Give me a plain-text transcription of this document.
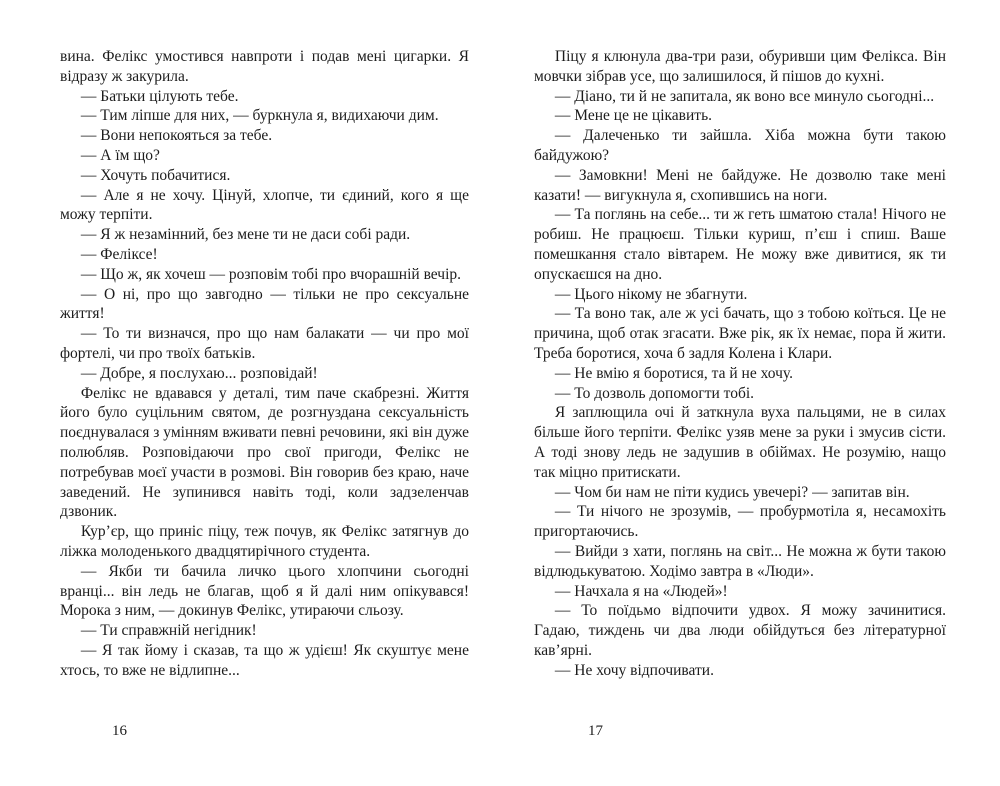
вина. Фелікс умостився навпроти і подав мені цигарки. Я відразу ж закурила.

— Батьки цілують тебе.

— Тим ліпше для них, — буркнула я, видихаючи дим.

— Вони непокояться за тебе.

— А їм що?

— Хочуть побачитися.

— Але я не хочу. Цінуй, хлопче, ти єдиний, кого я ще можу терпіти.

— Я ж незамінний, без мене ти не даси собі ради.

— Феліксе!

— Що ж, як хочеш — розповім тобі про вчорашній вечір.

— О ні, про що завгодно — тільки не про сексуальне життя!

— То ти визначся, про що нам балакати — чи про мої фортелі, чи про твоїх батьків.

— Добре, я послухаю... розповідай!

Фелікс не вдавався у деталі, тим паче скабрезні. Життя його було суцільним святом, де розгнуздана сексуальність поєднувалася з умінням вживати певні речовини, які він дуже полюбляв. Розповідаючи про свої пригоди, Фелікс не потребував моєї участи в розмові. Він говорив без краю, наче заведений. Не зупинився навіть тоді, коли задзеленчав дзвоник.

Кур’єр, що приніс піцу, теж почув, як Фелікс затягнув до ліжка молоденького двадцятирічного студента.

— Якби ти бачила личко цього хлопчини сьогодні вранці... він ледь не благав, щоб я й далі ним опікувався! Морока з ним, — докинув Фелікс, утираючи сльозу.

— Ти справжній негідник!

— Я так йому і сказав, та що ж удієш! Як скуштує мене хтось, то вже не відлипне...

Піцу я клюнула два-три рази, обуривши цим Фелікса. Він мовчки зібрав усе, що залишилося, й пішов до кухні.

— Діано, ти й не запитала, як воно все минуло сьогодні...

— Мене це не цікавить.

— Далеченько ти зайшла. Хіба можна бути такою байдужою?

— Замовкни! Мені не байдуже. Не дозволю таке мені казати! — вигукнула я, схопившись на ноги.

— Та поглянь на себе... ти ж геть шматою стала! Нічого не робиш. Не працюєш. Тільки куриш, п’єш і спиш. Ваше помешкання стало вівтарем. Не можу вже дивитися, як ти опускаєшся на дно.

— Цього нікому не збагнути.

— Та воно так, але ж усі бачать, що з тобою коїться. Це не причина, щоб отак згасати. Вже рік, як їх немає, пора й жити. Треба боротися, хоча б задля Колена і Клари.

— Не вмію я боротися, та й не хочу.

— То дозволь допомогти тобі.

Я заплющила очі й заткнула вуха пальцями, не в силах більше його терпіти. Фелікс узяв мене за руки і змусив сісти. А тоді знову ледь не задушив в обіймах. Не розумію, нащо так міцно притискати.

— Чом би нам не піти кудись увечері? — запитав він.

— Ти нічого не зрозумів, — пробурмотіла я, несамохіть пригортаючись.

— Вийди з хати, поглянь на світ... Не можна ж бути такою відлюдькуватою. Ходімо завтра в «Люди».

— Начхала я на «Людей»!

— То поїдьмо відпочити удвох. Я можу зачинитися. Гадаю, тиждень чи два люди обійдуться без літературної кав’ярні.

— Не хочу відпочивати.

16	17
